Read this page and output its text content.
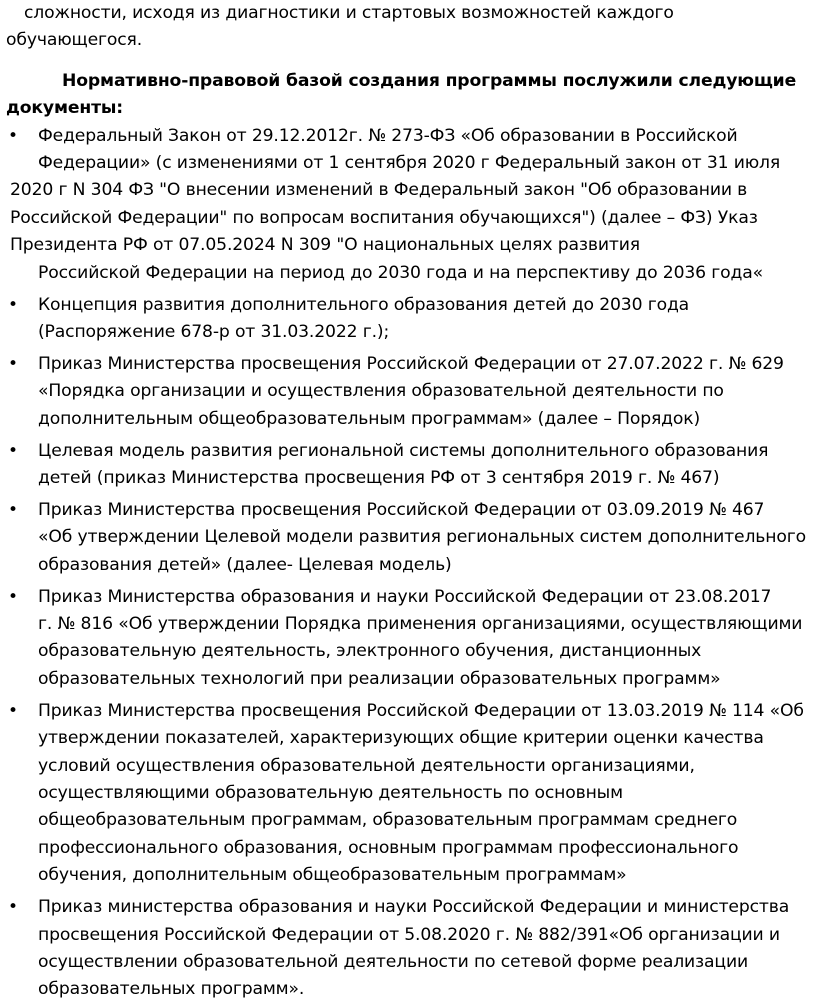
сложности, исходя из диагностики и стартовых возможностей каждого
обучающегося.
Нормативно-правовой базой создания программы послужили следующие
документы:
• Федеральный Закон от 29.12.2012г. № 273-ФЗ «Об образовании в Российской
Федерации» (с изменениями от 1 сентября 2020 г Федеральный закон от 31 июля
2020 г N 304 ФЗ "О внесении изменений в Федеральный закон "Об образовании в
Российской Федерации" по вопросам воспитания обучающихся") (далее – ФЗ) Указ
Президента РФ от 07.05.2024 N 309 "О национальных целях развития
Российской Федерации на период до 2030 года и на перспективу до 2036 года«
• Концепция развития дополнительного образования детей до 2030 года
(Распоряжение 678-р от 31.03.2022 г.);
• Приказ Министерства просвещения Российской Федерации от 27.07.2022 г. № 629
«Порядка организации и осуществления образовательной деятельности по
дополнительным общеобразовательным программам» (далее – Порядок)
• Целевая модель развития региональной системы дополнительного образования
детей (приказ Министерства просвещения РФ от 3 сентября 2019 г. № 467)
• Приказ Министерства просвещения Российской Федерации от 03.09.2019 № 467
«Об утверждении Целевой модели развития региональных систем дополнительного
образования детей» (далее- Целевая модель)
• Приказ Министерства образования и науки Российской Федерации от 23.08.2017
г. № 816 «Об утверждении Порядка применения организациями, осуществляющими
образовательную деятельность, электронного обучения, дистанционных
образовательных технологий при реализации образовательных программ»
• Приказ Министерства просвещения Российской Федерации от 13.03.2019 № 114 «Об
утверждении показателей, характеризующих общие критерии оценки качества
условий осуществления образовательной деятельности организациями,
осуществляющими образовательную деятельность по основным
общеобразовательным программам, образовательным программам среднего
профессионального образования, основным программам профессионального
обучения, дополнительным общеобразовательным программам»
• Приказ министерства образования и науки Российской Федерации и министерства
просвещения Российской Федерации от 5.08.2020 г. № 882/391«Об организации и
осуществлении образовательной деятельности по сетевой форме реализации
образовательных программ».
